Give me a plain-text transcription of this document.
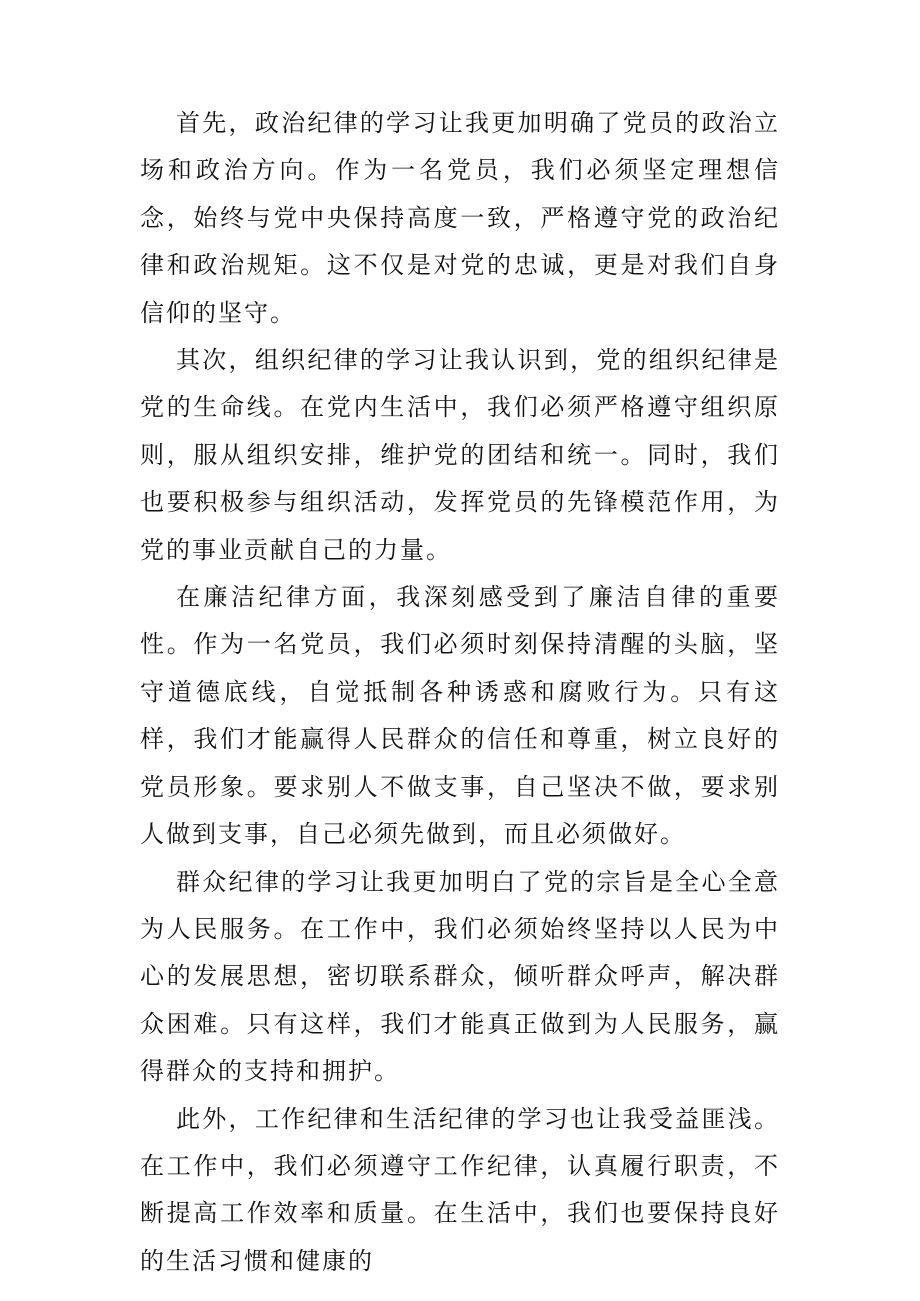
首先，政治纪律的学习让我更加明确了党员的政治立场和政治方向。作为一名党员，我们必须坚定理想信念，始终与党中央保持高度一致，严格遵守党的政治纪律和政治规矩。这不仅是对党的忠诚，更是对我们自身信仰的坚守。

其次，组织纪律的学习让我认识到，党的组织纪律是党的生命线。在党内生活中，我们必须严格遵守组织原则，服从组织安排，维护党的团结和统一。同时，我们也要积极参与组织活动，发挥党员的先锋模范作用，为党的事业贡献自己的力量。

在廉洁纪律方面，我深刻感受到了廉洁自律的重要性。作为一名党员，我们必须时刻保持清醒的头脑，坚守道德底线，自觉抵制各种诱惑和腐败行为。只有这样，我们才能赢得人民群众的信任和尊重，树立良好的党员形象。要求别人不做支事，自己坚决不做，要求别人做到支事，自己必须先做到，而且必须做好。

群众纪律的学习让我更加明白了党的宗旨是全心全意为人民服务。在工作中，我们必须始终坚持以人民为中心的发展思想，密切联系群众，倾听群众呼声，解决群众困难。只有这样，我们才能真正做到为人民服务，赢得群众的支持和拥护。

此外，工作纪律和生活纪律的学习也让我受益匪浅。在工作中，我们必须遵守工作纪律，认真履行职责，不断提高工作效率和质量。在生活中，我们也要保持良好的生活习惯和健康的
